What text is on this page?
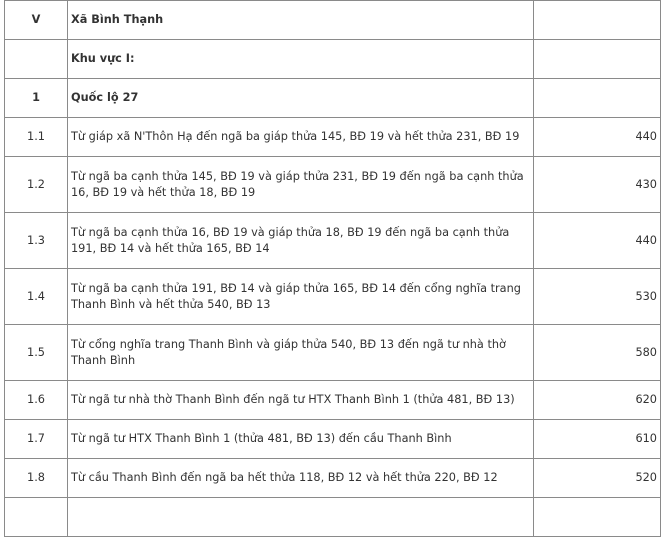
V	Xã Bình Thạnh	
	Khu vực I:	
1	Quốc lộ 27	
1.1	Từ giáp xã N'Thôn Hạ đến ngã ba giáp thửa 145, BĐ 19 và hết thửa 231, BĐ 19	440
1.2	Từ ngã ba cạnh thửa 145, BĐ 19 và giáp thửa 231, BĐ 19 đến ngã ba cạnh thửa 16, BĐ 19 và hết thửa 18, BĐ 19	430
1.3	Từ ngã ba cạnh thửa 16, BĐ 19 và giáp thửa 18, BĐ 19 đến ngã ba cạnh thửa 191, BĐ 14 và hết thửa 165, BĐ 14	440
1.4	Từ ngã ba cạnh thửa 191, BĐ 14 và giáp thửa 165, BĐ 14 đến cổng nghĩa trang Thanh Bình và hết thửa 540, BĐ 13	530
1.5	Từ cổng nghĩa trang Thanh Bình và giáp thửa 540, BĐ 13 đến ngã tư nhà thờ Thanh Bình	580
1.6	Từ ngã tư nhà thờ Thanh Bình đến ngã tư HTX Thanh Bình 1 (thửa 481, BĐ 13)	620
1.7	Từ ngã tư HTX Thanh Bình 1 (thửa 481, BĐ 13) đến cầu Thanh Bình	610
1.8	Từ cầu Thanh Bình đến ngã ba hết thửa 118, BĐ 12 và hết thửa 220, BĐ 12	520
